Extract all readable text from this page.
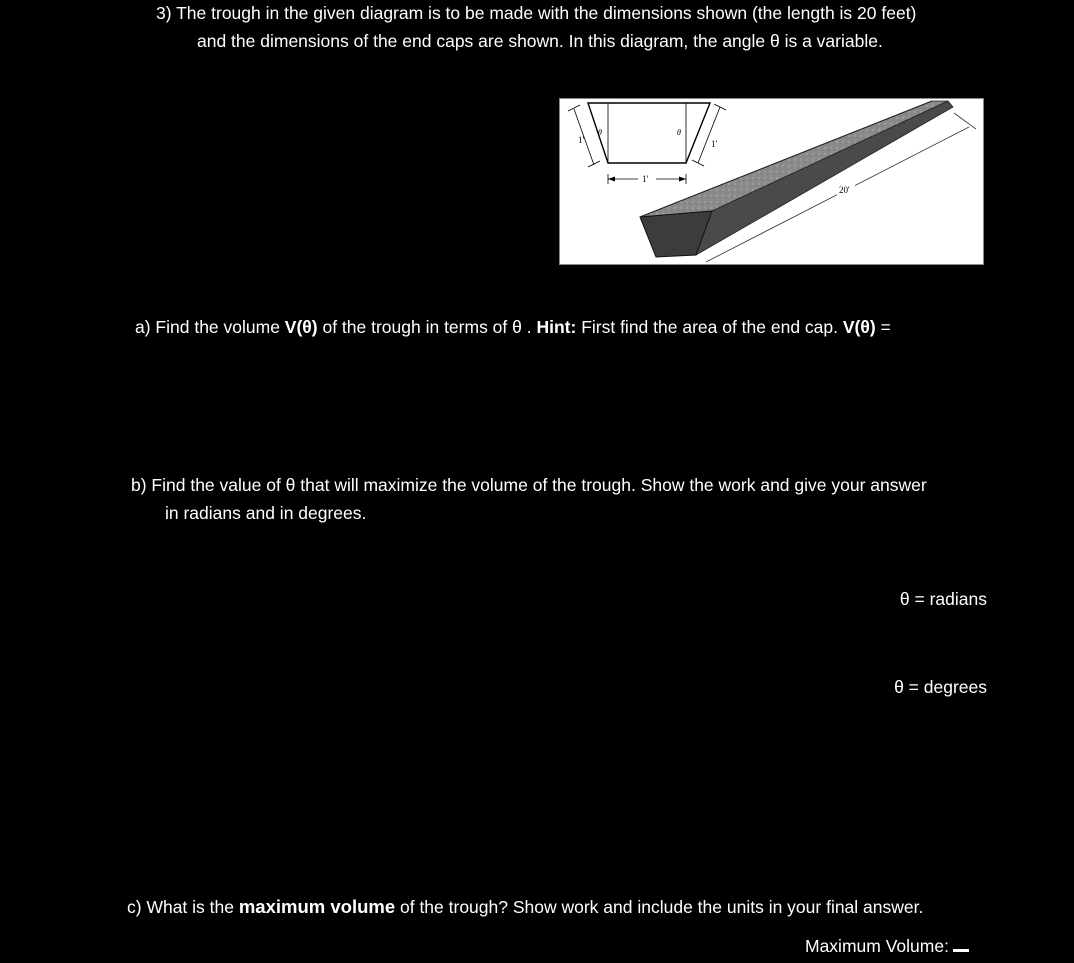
3) The trough in the given diagram is to be made with the dimensions shown (the length is 20 feet)
and the dimensions of the end caps are shown. In this diagram, the angle θ is a variable.
1'
1'	1'
θ	θ
20'
a) Find the volume V(θ) of the trough in terms of θ . Hint: First find the area of the end cap. V(θ) =
b) Find the value of θ that will maximize the volume of the trough. Show the work and give your answer
in radians and in degrees.
θ = radians
θ = degrees
c) What is the maximum volume of the trough? Show work and include the units in your final answer.
Maximum Volume:
